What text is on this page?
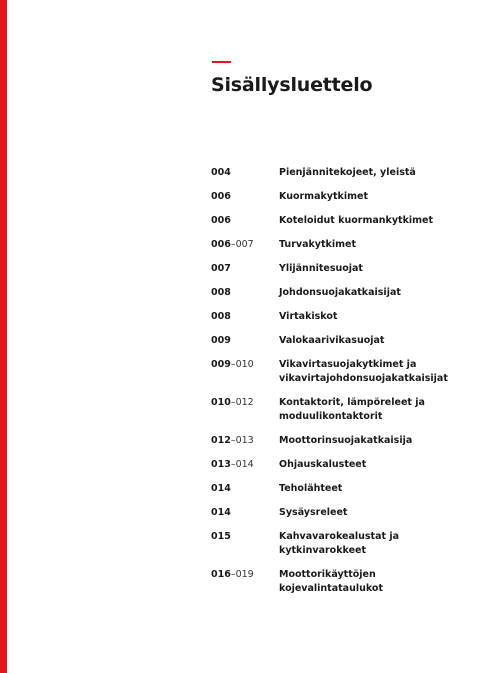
Sisällysluettelo
004	Pienjännitekojeet, yleistä
006	Kuormakytkimet
006	Koteloidut kuormankytkimet
006–007	Turvakytkimet
007	Ylijännitesuojat
008	Johdonsuojakatkaisijat
008	Virtakiskot
009	Valokaarivikasuojat
009–010	Vikavirtasuojakytkimet ja vikavirtajohdonsuojakatkaisijat
010–012	Kontaktorit, lämpöreleet ja moduulikontaktorit
012–013	Moottorinsuojakatkaisija
013–014	Ohjauskalusteet
014	Teholähteet
014	Sysäysreleet
015	Kahvavarokealustat ja kytkinvarokkeet
016–019	Moottorikäyttöjen kojevalintataulukot
